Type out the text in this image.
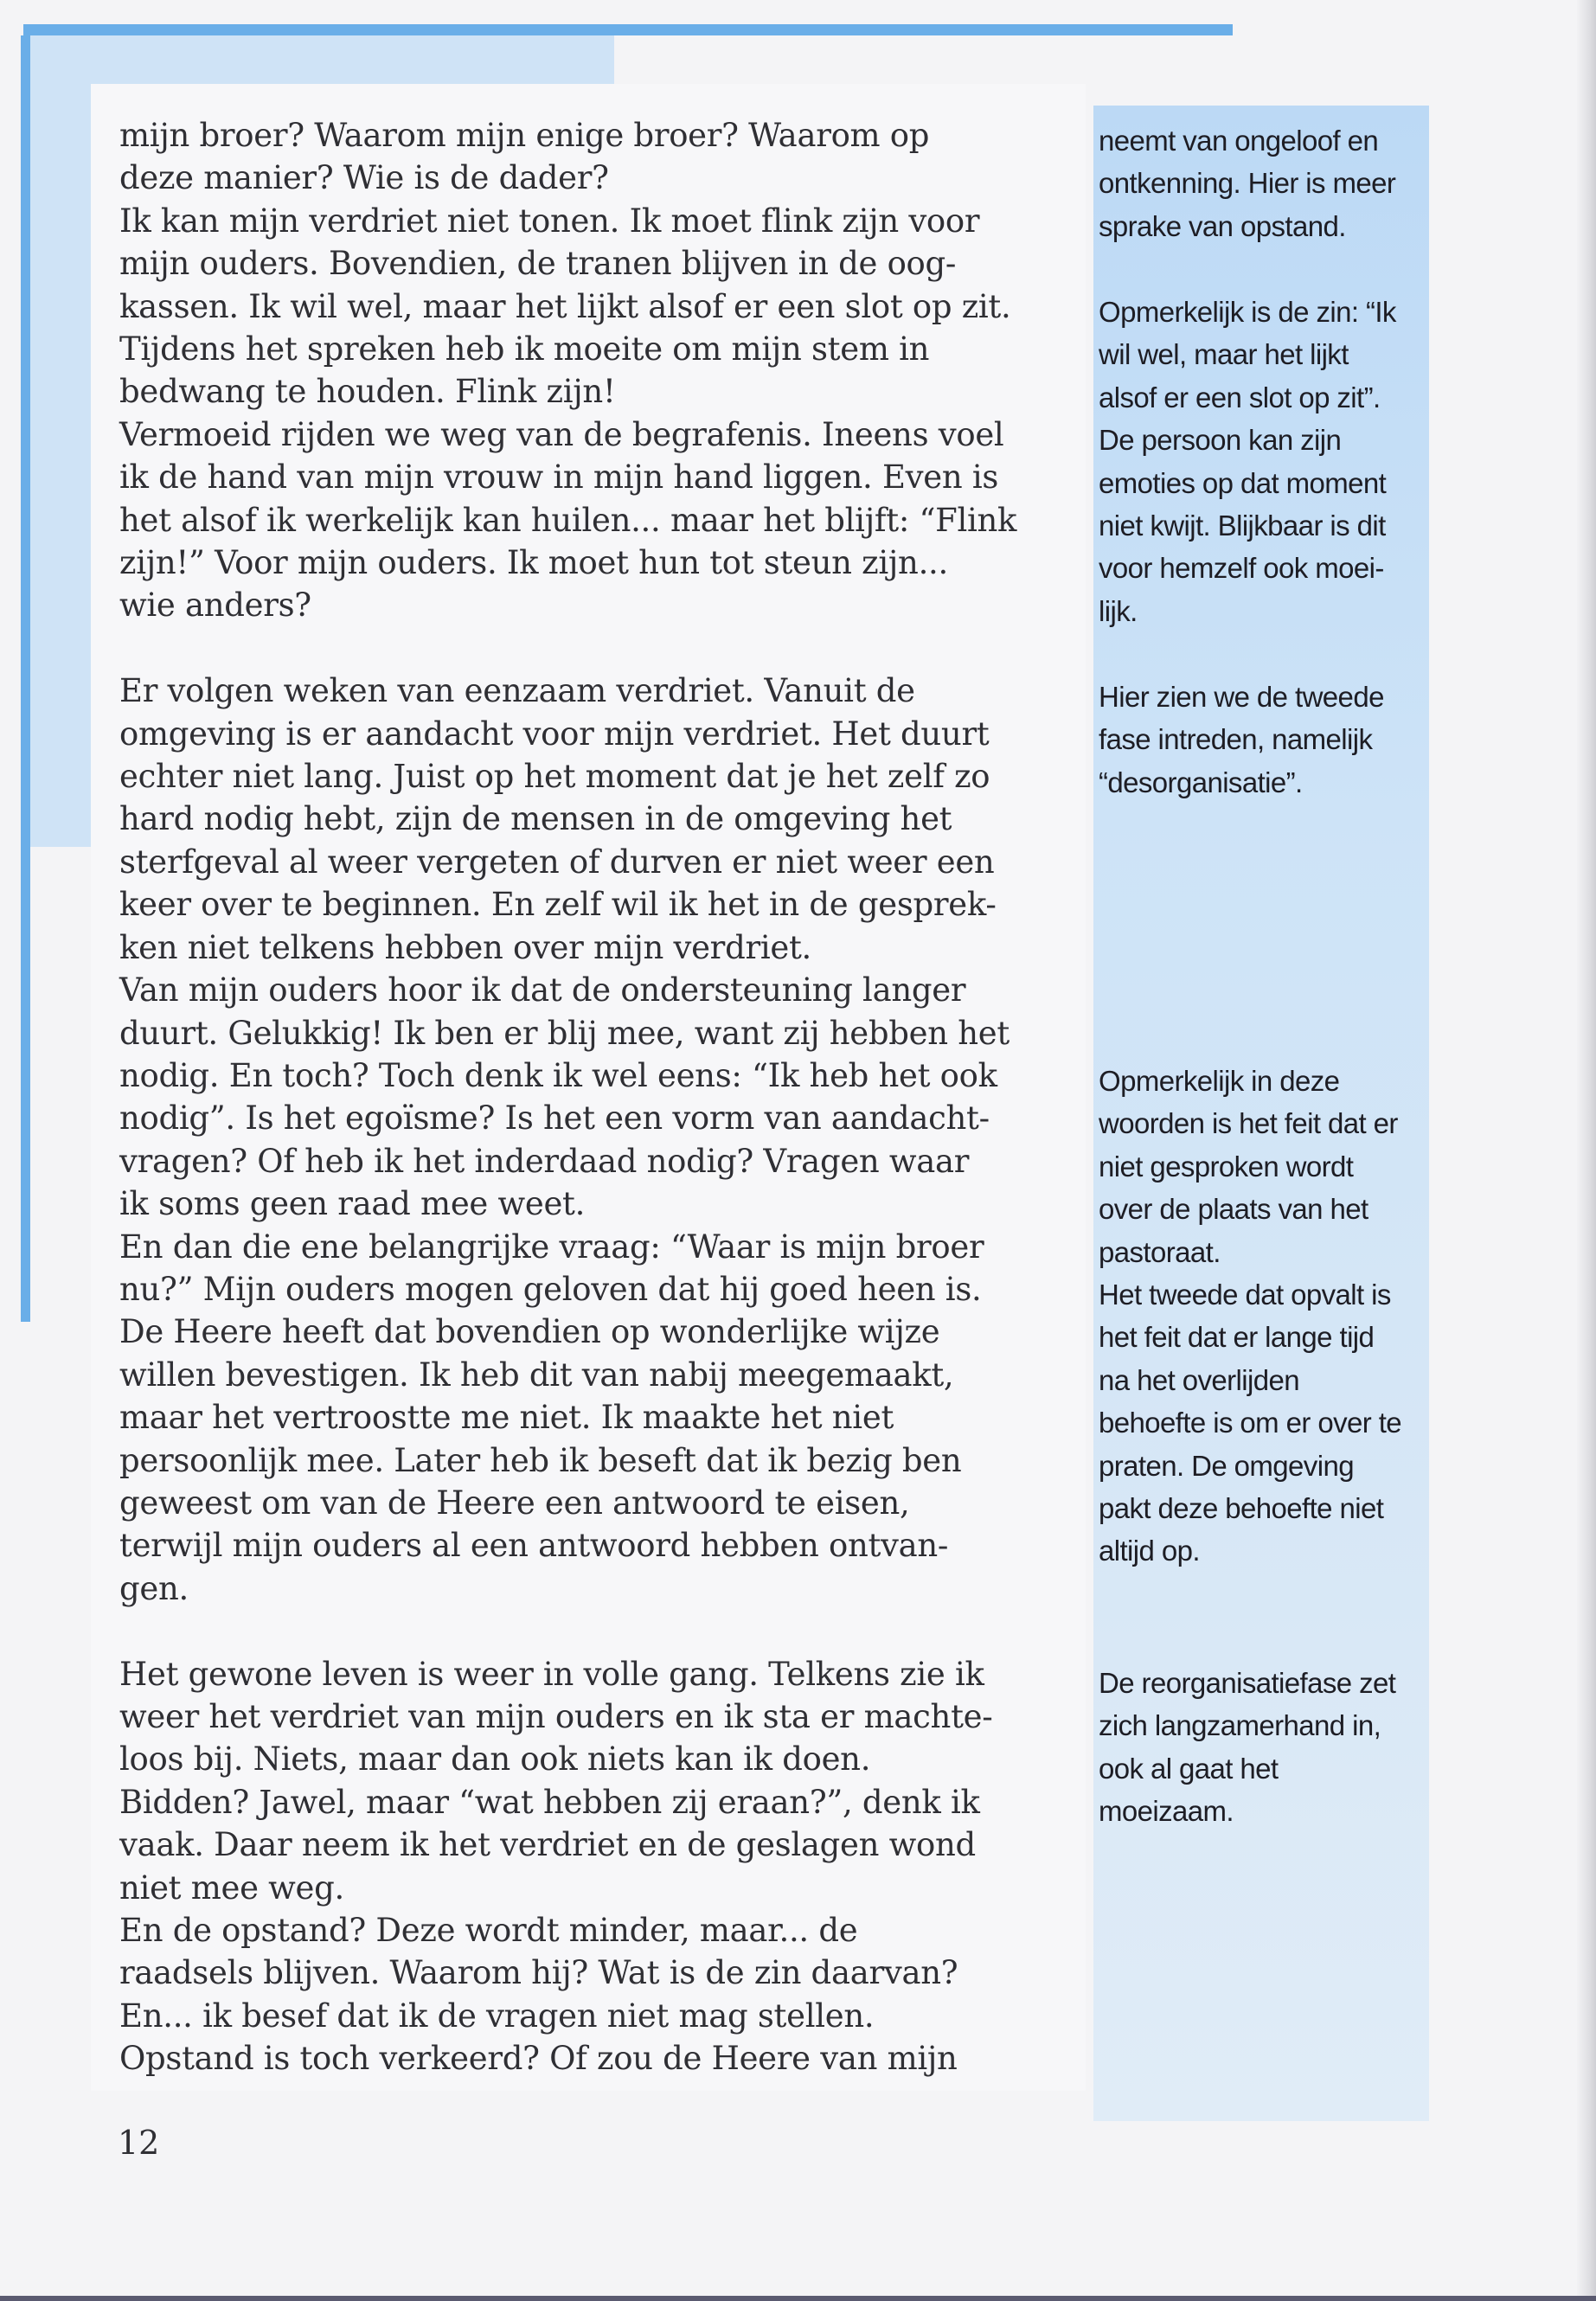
mijn broer? Waarom mijn enige broer? Waarom op
deze manier? Wie is de dader?
Ik kan mijn verdriet niet tonen. Ik moet flink zijn voor
mijn ouders. Bovendien, de tranen blijven in de oog-
kassen. Ik wil wel, maar het lijkt alsof er een slot op zit.
Tijdens het spreken heb ik moeite om mijn stem in
bedwang te houden. Flink zijn!
Vermoeid rijden we weg van de begrafenis. Ineens voel
ik de hand van mijn vrouw in mijn hand liggen. Even is
het alsof ik werkelijk kan huilen... maar het blijft: “Flink
zijn!” Voor mijn ouders. Ik moet hun tot steun zijn...
wie anders?
Er volgen weken van eenzaam verdriet. Vanuit de
omgeving is er aandacht voor mijn verdriet. Het duurt
echter niet lang. Juist op het moment dat je het zelf zo
hard nodig hebt, zijn de mensen in de omgeving het
sterfgeval al weer vergeten of durven er niet weer een
keer over te beginnen. En zelf wil ik het in de gesprek-
ken niet telkens hebben over mijn verdriet.
Van mijn ouders hoor ik dat de ondersteuning langer
duurt. Gelukkig! Ik ben er blij mee, want zij hebben het
nodig. En toch? Toch denk ik wel eens: “Ik heb het ook
nodig”. Is het egoïsme? Is het een vorm van aandacht-
vragen? Of heb ik het inderdaad nodig? Vragen waar
ik soms geen raad mee weet.
En dan die ene belangrijke vraag: “Waar is mijn broer
nu?” Mijn ouders mogen geloven dat hij goed heen is.
De Heere heeft dat bovendien op wonderlijke wijze
willen bevestigen. Ik heb dit van nabij meegemaakt,
maar het vertroostte me niet. Ik maakte het niet
persoonlijk mee. Later heb ik beseft dat ik bezig ben
geweest om van de Heere een antwoord te eisen,
terwijl mijn ouders al een antwoord hebben ontvan-
gen.
Het gewone leven is weer in volle gang. Telkens zie ik
weer het verdriet van mijn ouders en ik sta er machte-
loos bij. Niets, maar dan ook niets kan ik doen.
Bidden? Jawel, maar “wat hebben zij eraan?”, denk ik
vaak. Daar neem ik het verdriet en de geslagen wond
niet mee weg.
En de opstand? Deze wordt minder, maar... de
raadsels blijven. Waarom hij? Wat is de zin daarvan?
En... ik besef dat ik de vragen niet mag stellen.
Opstand is toch verkeerd? Of zou de Heere van mijn
neemt van ongeloof en
ontkenning. Hier is meer
sprake van opstand.
Opmerkelijk is de zin: “Ik
wil wel, maar het lijkt
alsof er een slot op zit”.
De persoon kan zijn
emoties op dat moment
niet kwijt. Blijkbaar is dit
voor hemzelf ook moei-
lijk.
Hier zien we de tweede
fase intreden, namelijk
“desorganisatie”.
Opmerkelijk in deze
woorden is het feit dat er
niet gesproken wordt
over de plaats van het
pastoraat.
Het tweede dat opvalt is
het feit dat er lange tijd
na het overlijden
behoefte is om er over te
praten. De omgeving
pakt deze behoefte niet
altijd op.
De reorganisatiefase zet
zich langzamerhand in,
ook al gaat het
moeizaam.
12
